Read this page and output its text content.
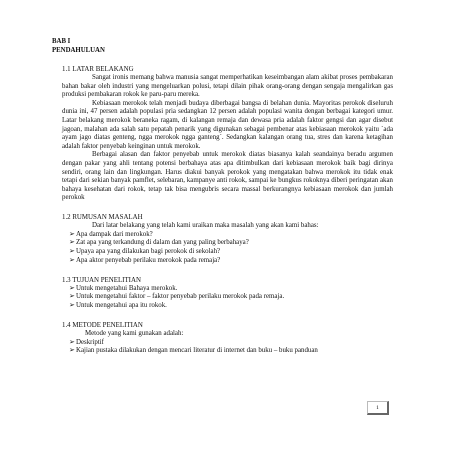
BAB I
PENDAHULUAN
1.1 LATAR BELAKANG

Sangat ironis memang bahwa manusia sangat memperhatikan keseimbangan alam akibat proses pembakaran bahan bakar oleh industri yang mengeluarkan polusi, tetapi dilain pihak orang-orang dengan sengaja mengalirkan gas produksi pembakaran rokok ke paru-paru mereka.

Kebiasaan merokok telah menjadi budaya diberbagai bangsa di belahan dunia. Mayoritas perokok diseluruh dunia ini, 47 persen adalah populasi pria sedangkan 12 persen adalah populasi wanita dengan berbagai kategori umur. Latar belakang merokok beraneka ragam, di kalangan remaja dan dewasa pria adalah faktor gengsi dan agar disebut jagoan, malahan ada salah satu pepatah penarik yang digunakan sebagai pembenar atas kebiasaan merokok yaitu `ada ayam jago diatas genteng, ngga merokok ngga ganteng`. Sedangkan kalangan orang tua, stres dan karena ketagihan adalah faktor penyebab keinginan untuk merokok.

Berbagai alasan dan faktor penyebab untuk merokok diatas biasanya kalah seandainya beradu argumen dengan pakar yang ahli tentang potensi berbahaya atas apa ditimbulkan dari kebiasaan merokok baik bagi dirinya sendiri, orang lain dan lingkungan. Harus diakui banyak perokok yang mengatakan bahwa merokok itu tidak enak tetapi dari sekian banyak pamflet, selebaran, kampanye anti rokok, sampai ke bungkus rokoknya diberi peringatan akan bahaya kesehatan dari rokok, tetap tak bisa mengubris secara massal berkurangnya kebiasaan merokok dan jumlah perokok

1.2 RUMUSAN MASALAH

Dari latar belakang yang telah kami uraikan maka masalah yang akan kami bahas:

➢ Apa dampak dari merokok?
➢ Zat apa yang terkandung di dalam dan yang paling berbahaya?
➢ Upaya apa yang dilakukan bagi perokok di sekolah?
➢ Apa aktor penyebab perilaku merokok pada remaja?
1.3 TUJUAN PENELITIAN
➢ Untuk mengetahui Bahaya merokok.
➢ Untuk mengetahui faktor – faktor penyebab perilaku merokok pada remaja.
➢ Untuk mengetahui apa itu rokok.
1.4 METODE PENELITIAN

Metode yang kami gunakan adalah:

➢ Deskriptif
➢ Kajian pustaka dilakukan dengan mencari literatur di internet dan buku – buku panduan
1
